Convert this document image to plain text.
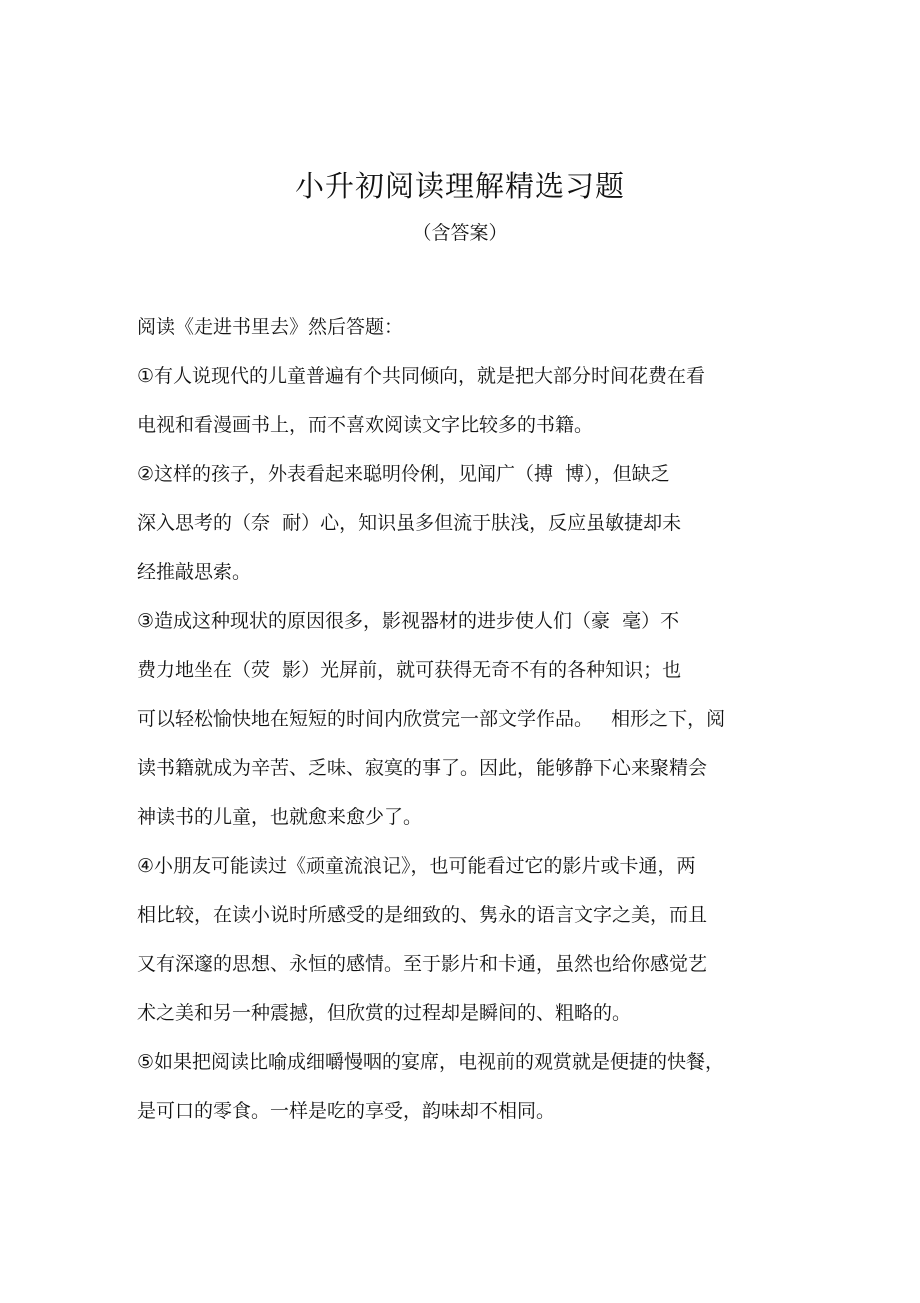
小升初阅读理解精选习题

（含答案）

阅读《走进书里去》然后答题：
①有人说现代的儿童普遍有个共同倾向，就是把大部分时间花费在看
电视和看漫画书上，而不喜欢阅读文字比较多的书籍。
②这样的孩子，外表看起来聪明伶俐，见闻广（搏  博），但缺乏
深入思考的（奈  耐）心，知识虽多但流于肤浅，反应虽敏捷却未
经推敲思索。
③造成这种现状的原因很多，影视器材的进步使人们（豪  毫）不
费力地坐在（荧  影）光屏前，就可获得无奇不有的各种知识；也
可以轻松愉快地在短短的时间内欣赏完一部文学作品。   相形之下，阅
读书籍就成为辛苦、乏味、寂寞的事了。因此，能够静下心来聚精会
神读书的儿童，也就愈来愈少了。
④小朋友可能读过《顽童流浪记》，也可能看过它的影片或卡通，两
相比较，在读小说时所感受的是细致的、隽永的语言文字之美，而且
又有深邃的思想、永恒的感情。至于影片和卡通，虽然也给你感觉艺
术之美和另一种震撼，但欣赏的过程却是瞬间的、粗略的。
⑤如果把阅读比喻成细嚼慢咽的宴席，电视前的观赏就是便捷的快餐，
是可口的零食。一样是吃的享受，韵味却不相同。
